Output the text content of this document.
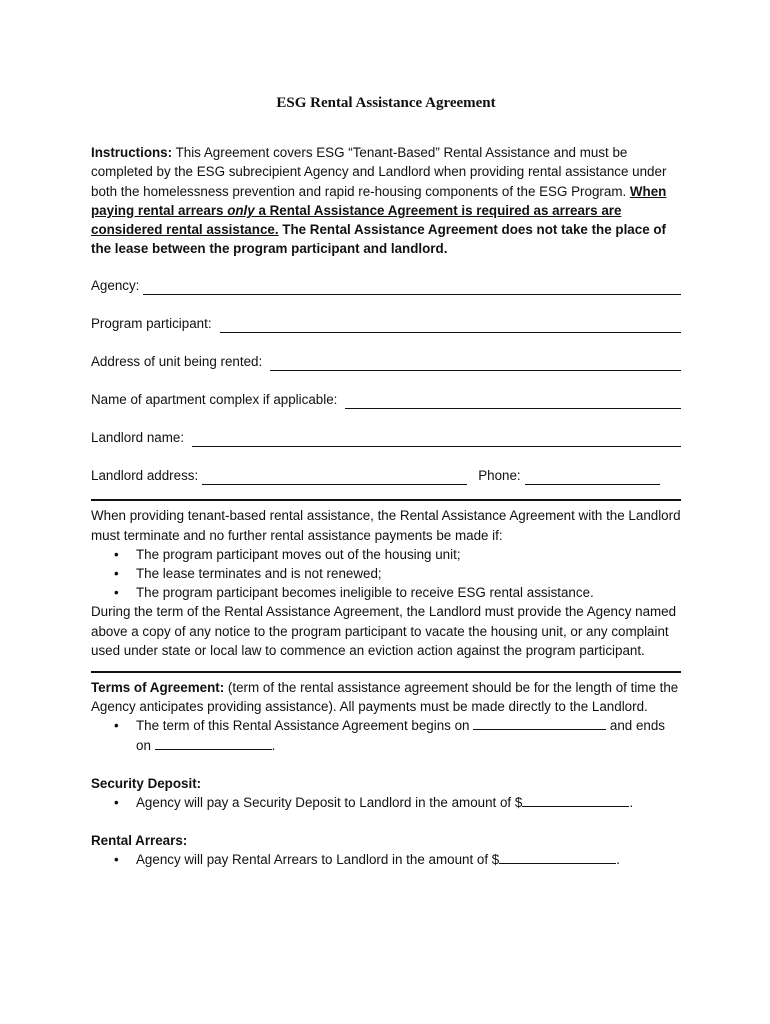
ESG Rental Assistance Agreement

Instructions: This Agreement covers ESG “Tenant-Based” Rental Assistance and must be completed by the ESG subrecipient Agency and Landlord when providing rental assistance under both the homelessness prevention and rapid re-housing components of the ESG Program. When paying rental arrears only a Rental Assistance Agreement is required as arrears are considered rental assistance. The Rental Assistance Agreement does not take the place of the lease between the program participant and landlord.

Agency:
Program participant:
Address of unit being rented:
Name of apartment complex if applicable:
Landlord name:
Landlord address:	Phone:

When providing tenant-based rental assistance, the Rental Assistance Agreement with the Landlord must terminate and no further rental assistance payments be made if:

• The program participant moves out of the housing unit;
• The lease terminates and is not renewed;
• The program participant becomes ineligible to receive ESG rental assistance.

During the term of the Rental Assistance Agreement, the Landlord must provide the Agency named above a copy of any notice to the program participant to vacate the housing unit, or any complaint used under state or local law to commence an eviction action against the program participant.

Terms of Agreement: (term of the rental assistance agreement should be for the length of time the Agency anticipates providing assistance). All payments must be made directly to the Landlord.

• The term of this Rental Assistance Agreement begins on	and ends on	.
Security Deposit:
• Agency will pay a Security Deposit to Landlord in the amount of $	.
Rental Arrears:
• Agency will pay Rental Arrears to Landlord in the amount of $	.
